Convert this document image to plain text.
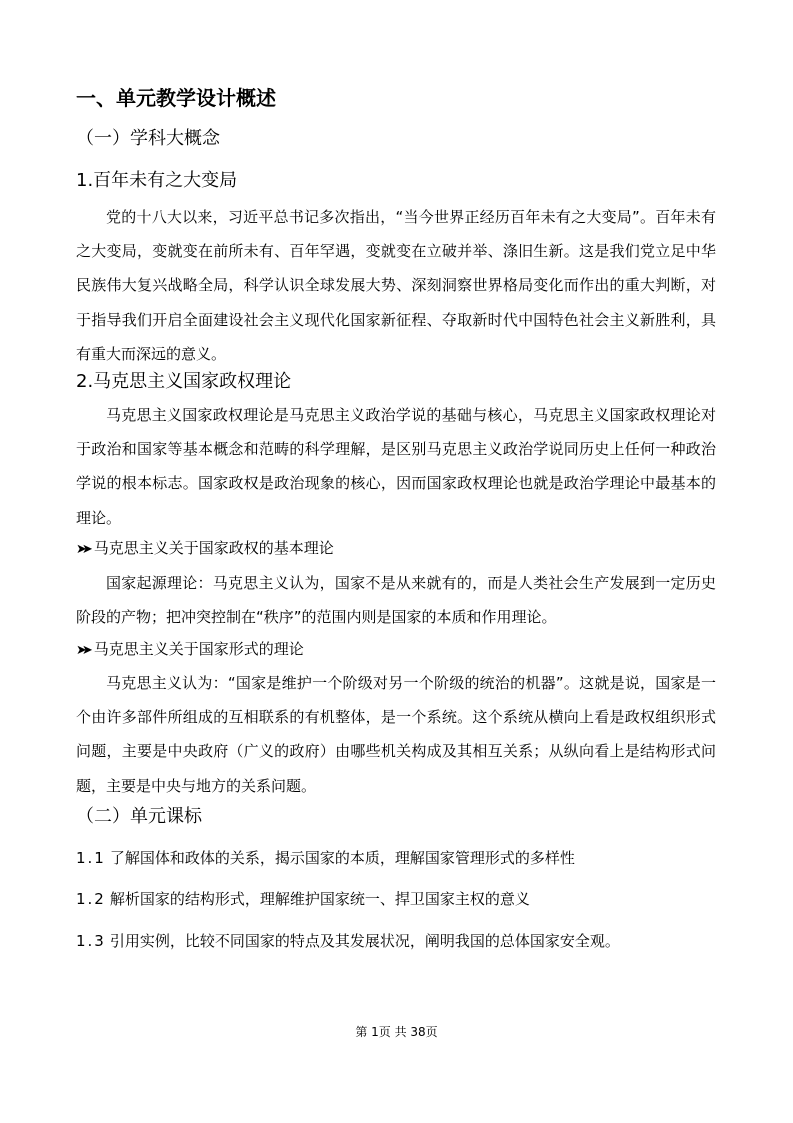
一、单元教学设计概述
（一）学科大概念
1.百年未有之大变局

党的十八大以来，习近平总书记多次指出，“当今世界正经历百年未有之大变局”。百年未有之大变局，变就变在前所未有、百年罕遇，变就变在立破并举、涤旧生新。这是我们党立足中华民族伟大复兴战略全局，科学认识全球发展大势、深刻洞察世界格局变化而作出的重大判断，对于指导我们开启全面建设社会主义现代化国家新征程、夺取新时代中国特色社会主义新胜利，具有重大而深远的意义。

2.马克思主义国家政权理论

马克思主义国家政权理论是马克思主义政治学说的基础与核心，马克思主义国家政权理论对于政治和国家等基本概念和范畴的科学理解，是区别马克思主义政治学说同历史上任何一种政治学说的根本标志。国家政权是政治现象的核心，因而国家政权理论也就是政治学理论中最基本的理论。

➤➤ 马克思主义关于国家政权的基本理论

国家起源理论：马克思主义认为，国家不是从来就有的，而是人类社会生产发展到一定历史阶段的产物；把冲突控制在“秩序”的范围内则是国家的本质和作用理论。

➤➤ 马克思主义关于国家形式的理论

马克思主义认为：“国家是维护一个阶级对另一个阶级的统治的机器”。这就是说，国家是一个由许多部件所组成的互相联系的有机整体，是一个系统。这个系统从横向上看是政权组织形式问题，主要是中央政府（广义的政府）由哪些机关构成及其相互关系；从纵向看上是结构形式问题，主要是中央与地方的关系问题。

（二）单元课标
1.1 了解国体和政体的关系，揭示国家的本质，理解国家管理形式的多样性
1.2 解析国家的结构形式，理解维护国家统一、捍卫国家主权的意义
1.3 引用实例，比较不同国家的特点及其发展状况，阐明我国的总体国家安全观。
第 1页 共 38页
